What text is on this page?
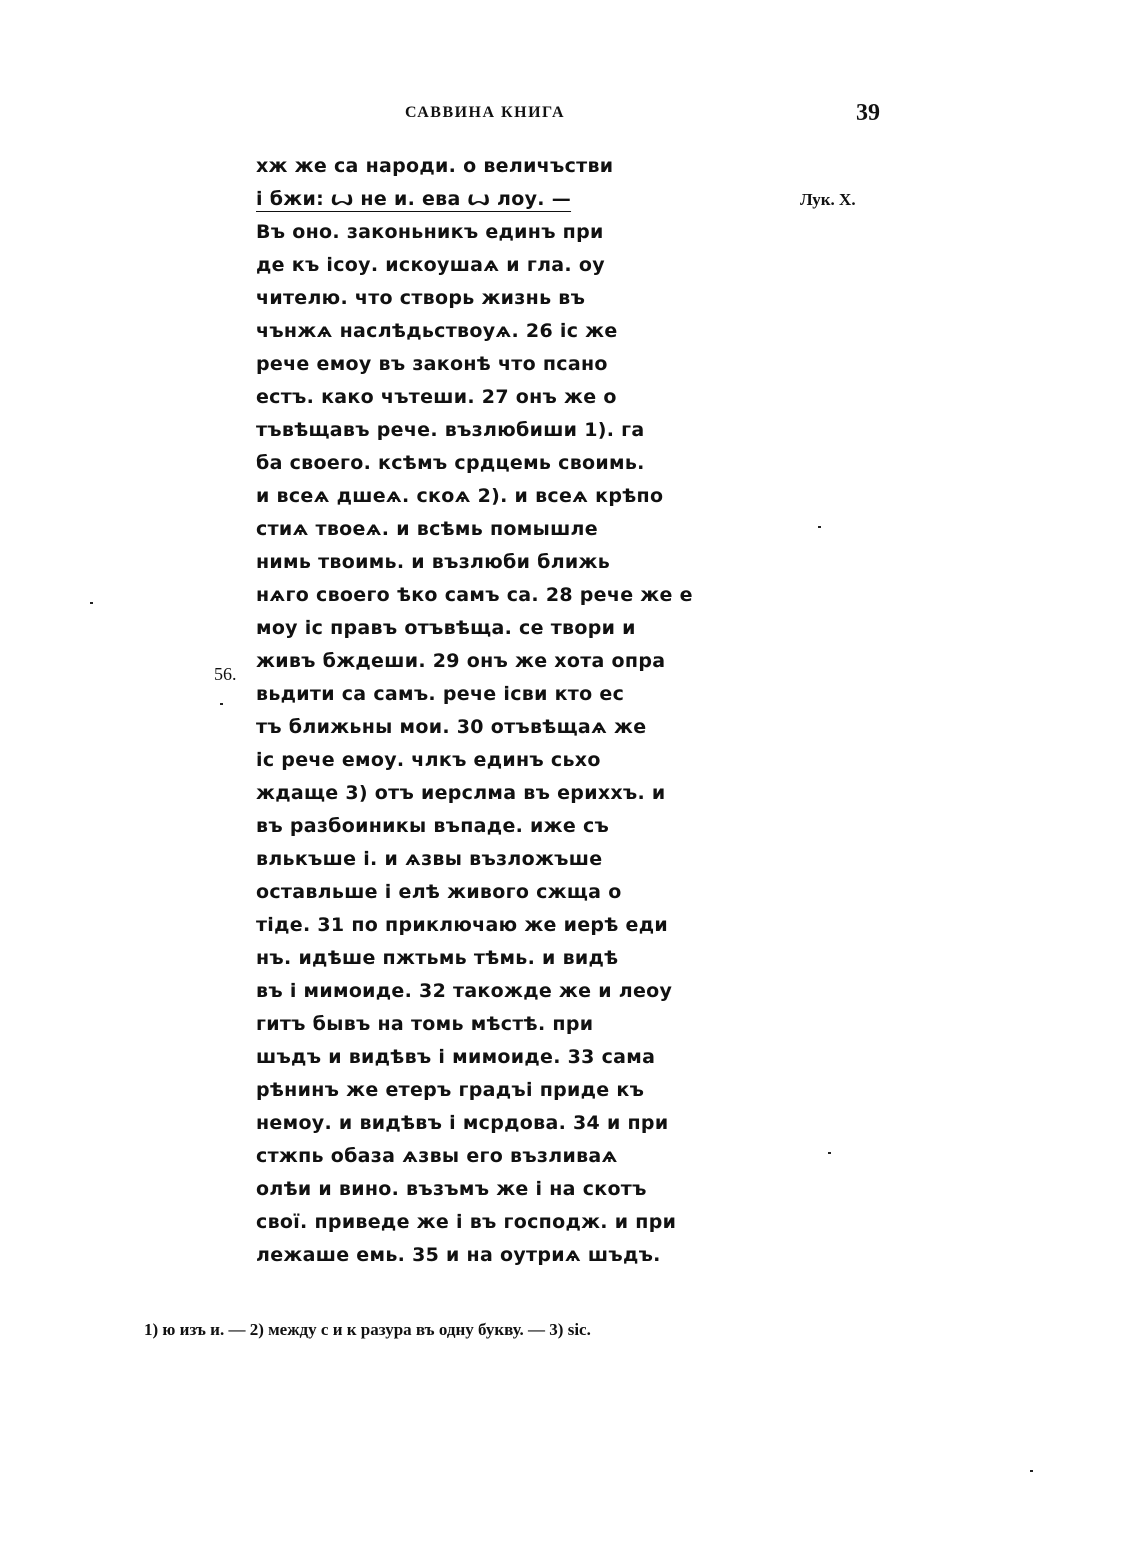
САВВИНА КНИГА	39
Лук. X.
56.
хж же са народи. о величъстви
і бжи: ꙍ не и. ева ꙍ лоу. —
Въ оно. законьникъ единъ при
де къ ісоу. искоушаѧ и гла. оу
чителю. что створь жизнь въ
чънжѧ наслѣдьствоуѧ. 26 іс же
рече емоу въ законѣ что псано
естъ. како чътеши. 27 онъ же о
тъвѣщавъ рече. възлюбиши 1). га
ба своего. ксѣмъ срдцемь своимь.
и всеѧ дшеѧ. скоѧ 2). и всеѧ крѣпо
стиѧ твоеѧ. и всѣмь помышле
нимь твоимь. и възлюби ближь
нѧго своего ѣко самъ са. 28 рече же е
моу іс правъ отъвѣща. се твори и
живъ бждеши. 29 онъ же хота опра
вьдити са самъ. рече ісви кто ес
тъ ближьны мои. 30 отъвѣщаѧ же
іс рече емоу. члкъ единъ сьхо
ждаще 3) отъ иерслма въ ериххъ. и
въ разбоиникы въпаде. иже съ
влькъше і. и ѧзвы възложъше
оставльше і елѣ живого сжща о
тіде. 31 по приключаю же иерѣ еди
нъ. идѣше пжтьмь тѣмь. и видѣ
въ і мимоиде. 32 такожде же и леоу
гитъ бывъ на томь мѣстѣ. при
шъдъ и видѣвъ і мимоиде. 33 сама
рѣнинъ же етеръ градъі приде къ
немоу. и видѣвъ і мсрдова. 34 и при
стжпь обаза ѧзвы его възливаѧ
олѣи и вино. възъмъ же і на скотъ
свої. приведе же і въ господж. и при
лежаше емь. 35 и на оутриѧ шъдъ.
1) ю изъ и. — 2) между с и к разура въ одну букву. — 3) sic.
